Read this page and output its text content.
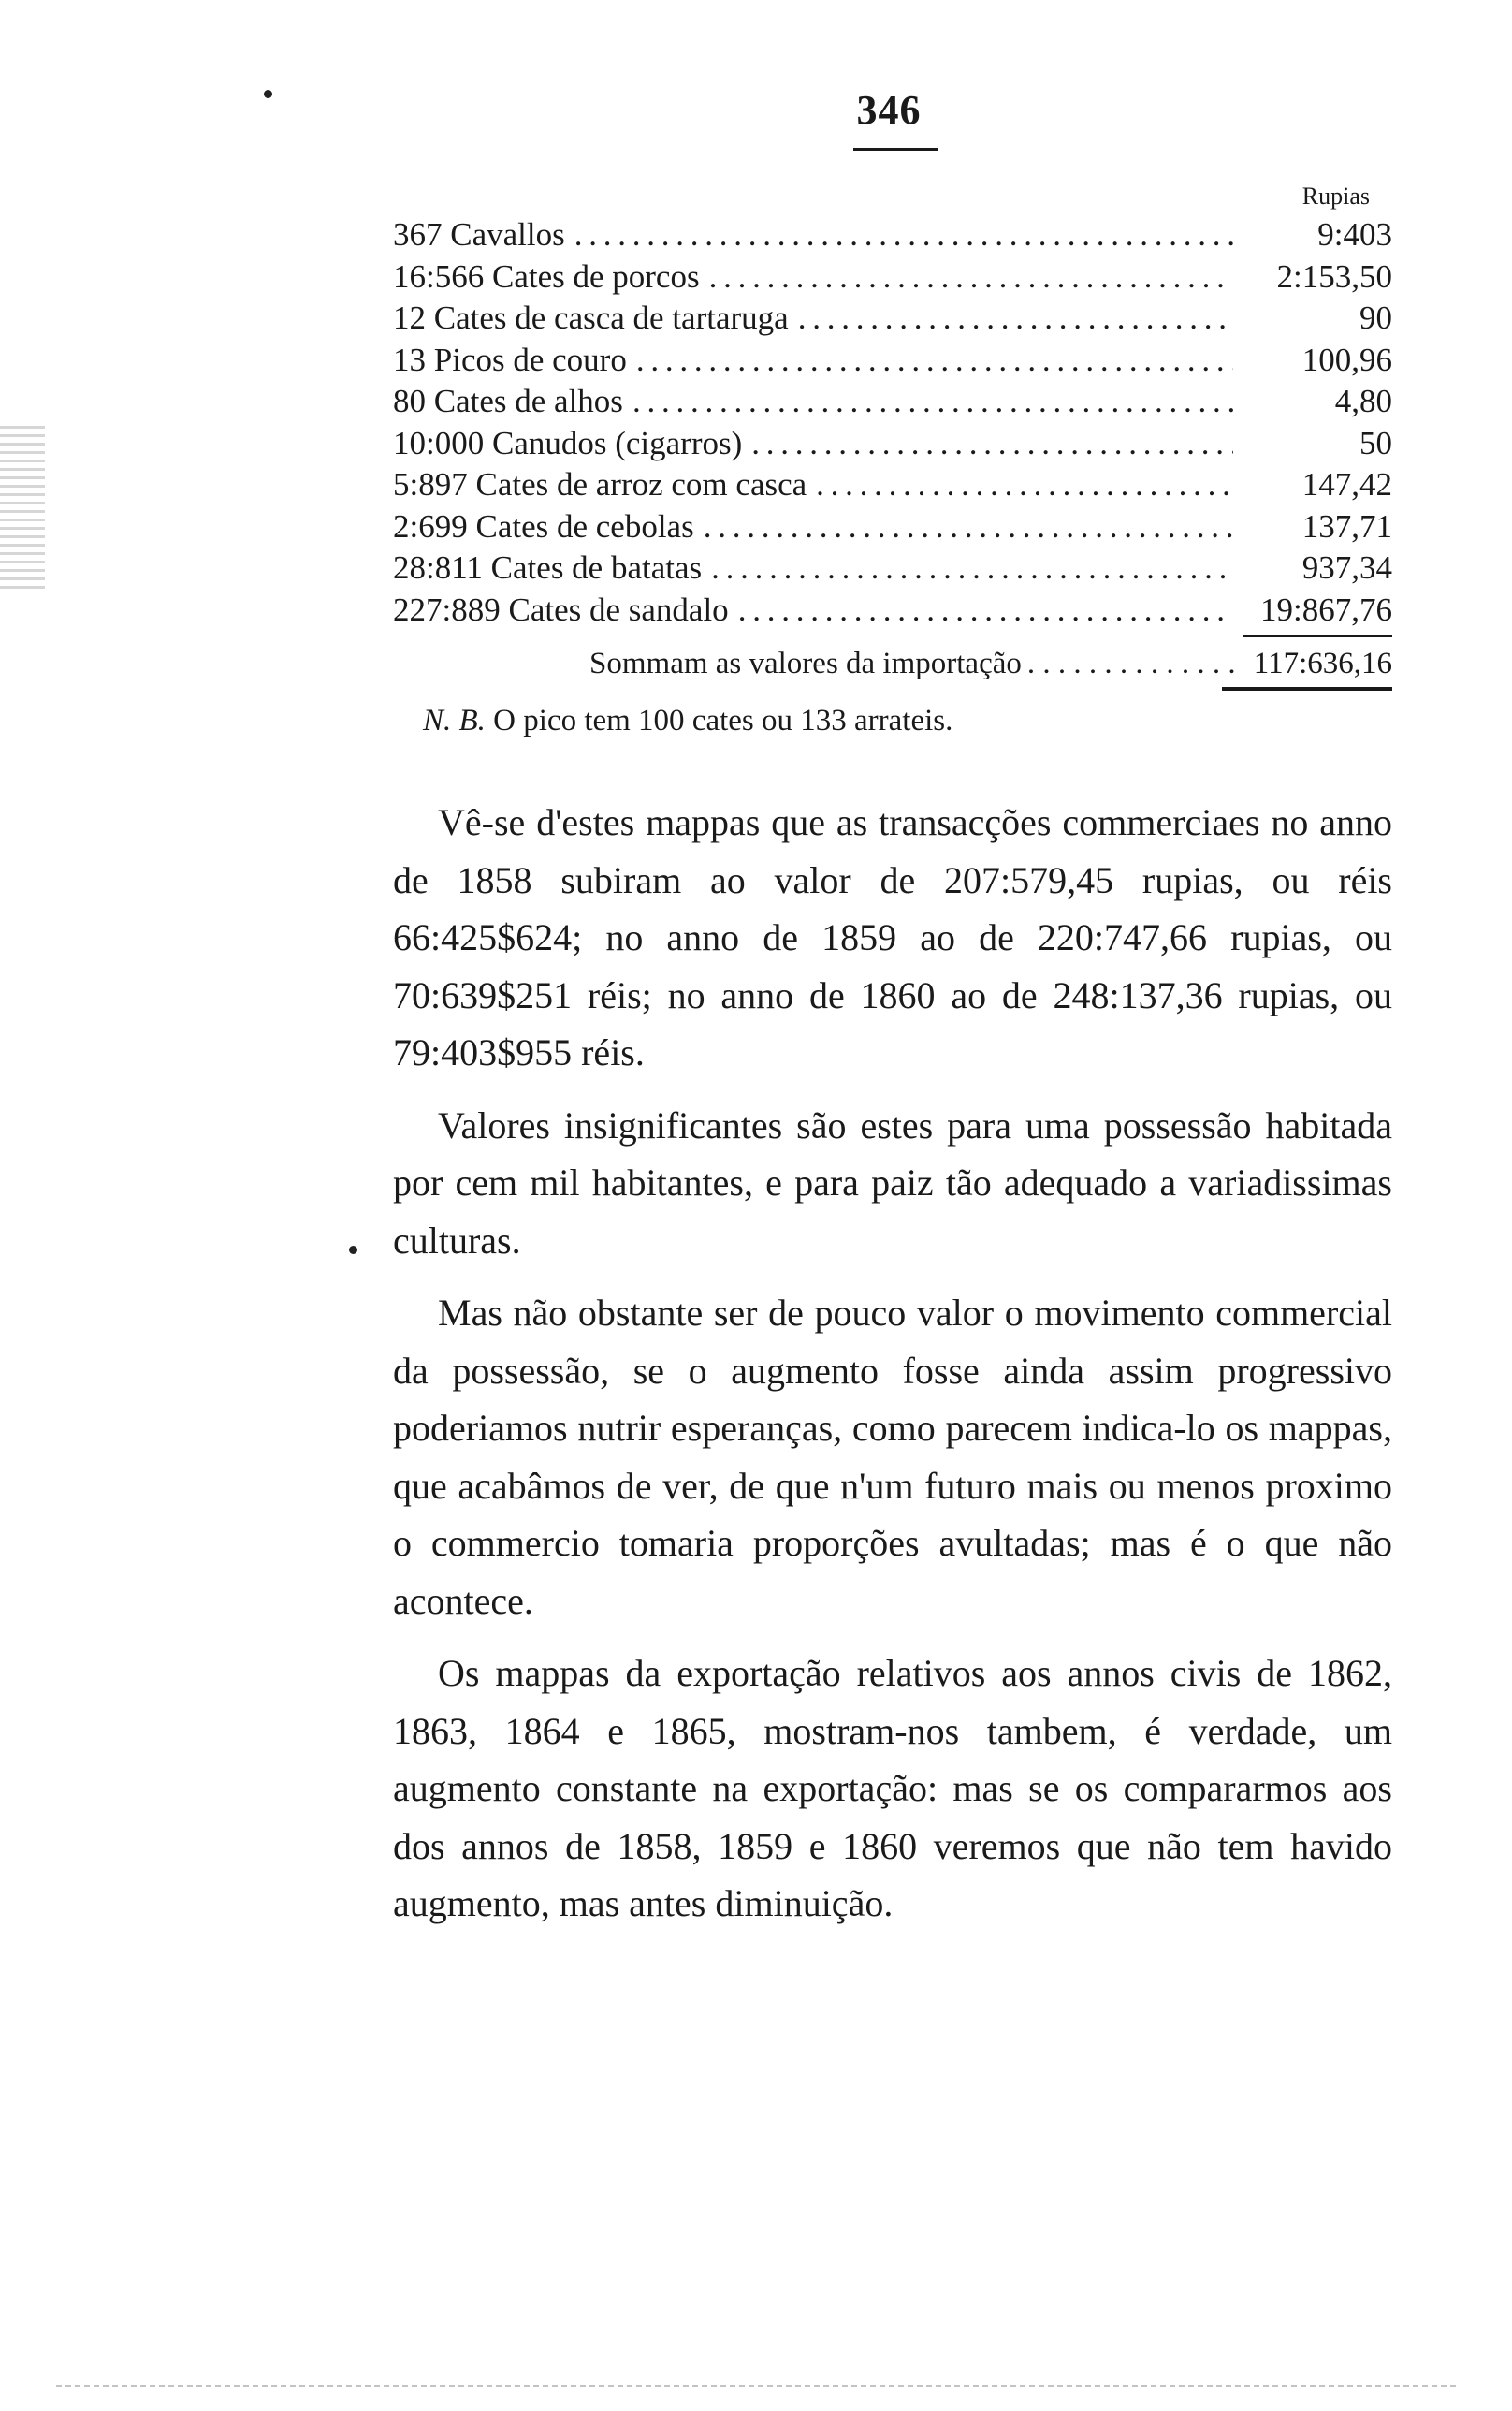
346
Rupias
367 Cavallos . . .	9:403
16:566 Cates de porcos . . .	2:153,50
12 Cates de casca de tartaruga . . .	90
13 Picos de couro . . .	100,96
80 Cates de alhos . . .	4,80
10:000 Canudos (cigarros) . . .	50
5:897 Cates de arroz com casca . . .	147,42
2:699 Cates de cebolas . . .	137,71
28:811 Cates de batatas . . .	937,34
227:889 Cates de sandalo . . .	19:867,76
Sommam as valores da importação . . .	117:636,16
N. B. O pico tem 100 cates ou 133 arrateis.

Vê-se d'estes mappas que as transacções commerciaes no anno de 1858 subiram ao valor de 207:579,45 rupias, ou réis 66:425$624; no anno de 1859 ao de 220:747,66 rupias, ou 70:639$251 réis; no anno de 1860 ao de 248:137,36 rupias, ou 79:403$955 réis.

Valores insignificantes são estes para uma possessão habitada por cem mil habitantes, e para paiz tão adequado a variadissimas culturas.

Mas não obstante ser de pouco valor o movimento commercial da possessão, se o augmento fosse ainda assim progressivo poderiamos nutrir esperanças, como parecem indica-lo os mappas, que acabâmos de ver, de que n'um futuro mais ou menos proximo o commercio tomaria proporções avultadas; mas é o que não acontece.

Os mappas da exportação relativos aos annos civis de 1862, 1863, 1864 e 1865, mostram-nos tambem, é verdade, um augmento constante na exportação: mas se os compararmos aos dos annos de 1858, 1859 e 1860 veremos que não tem havido augmento, mas antes diminuição.
